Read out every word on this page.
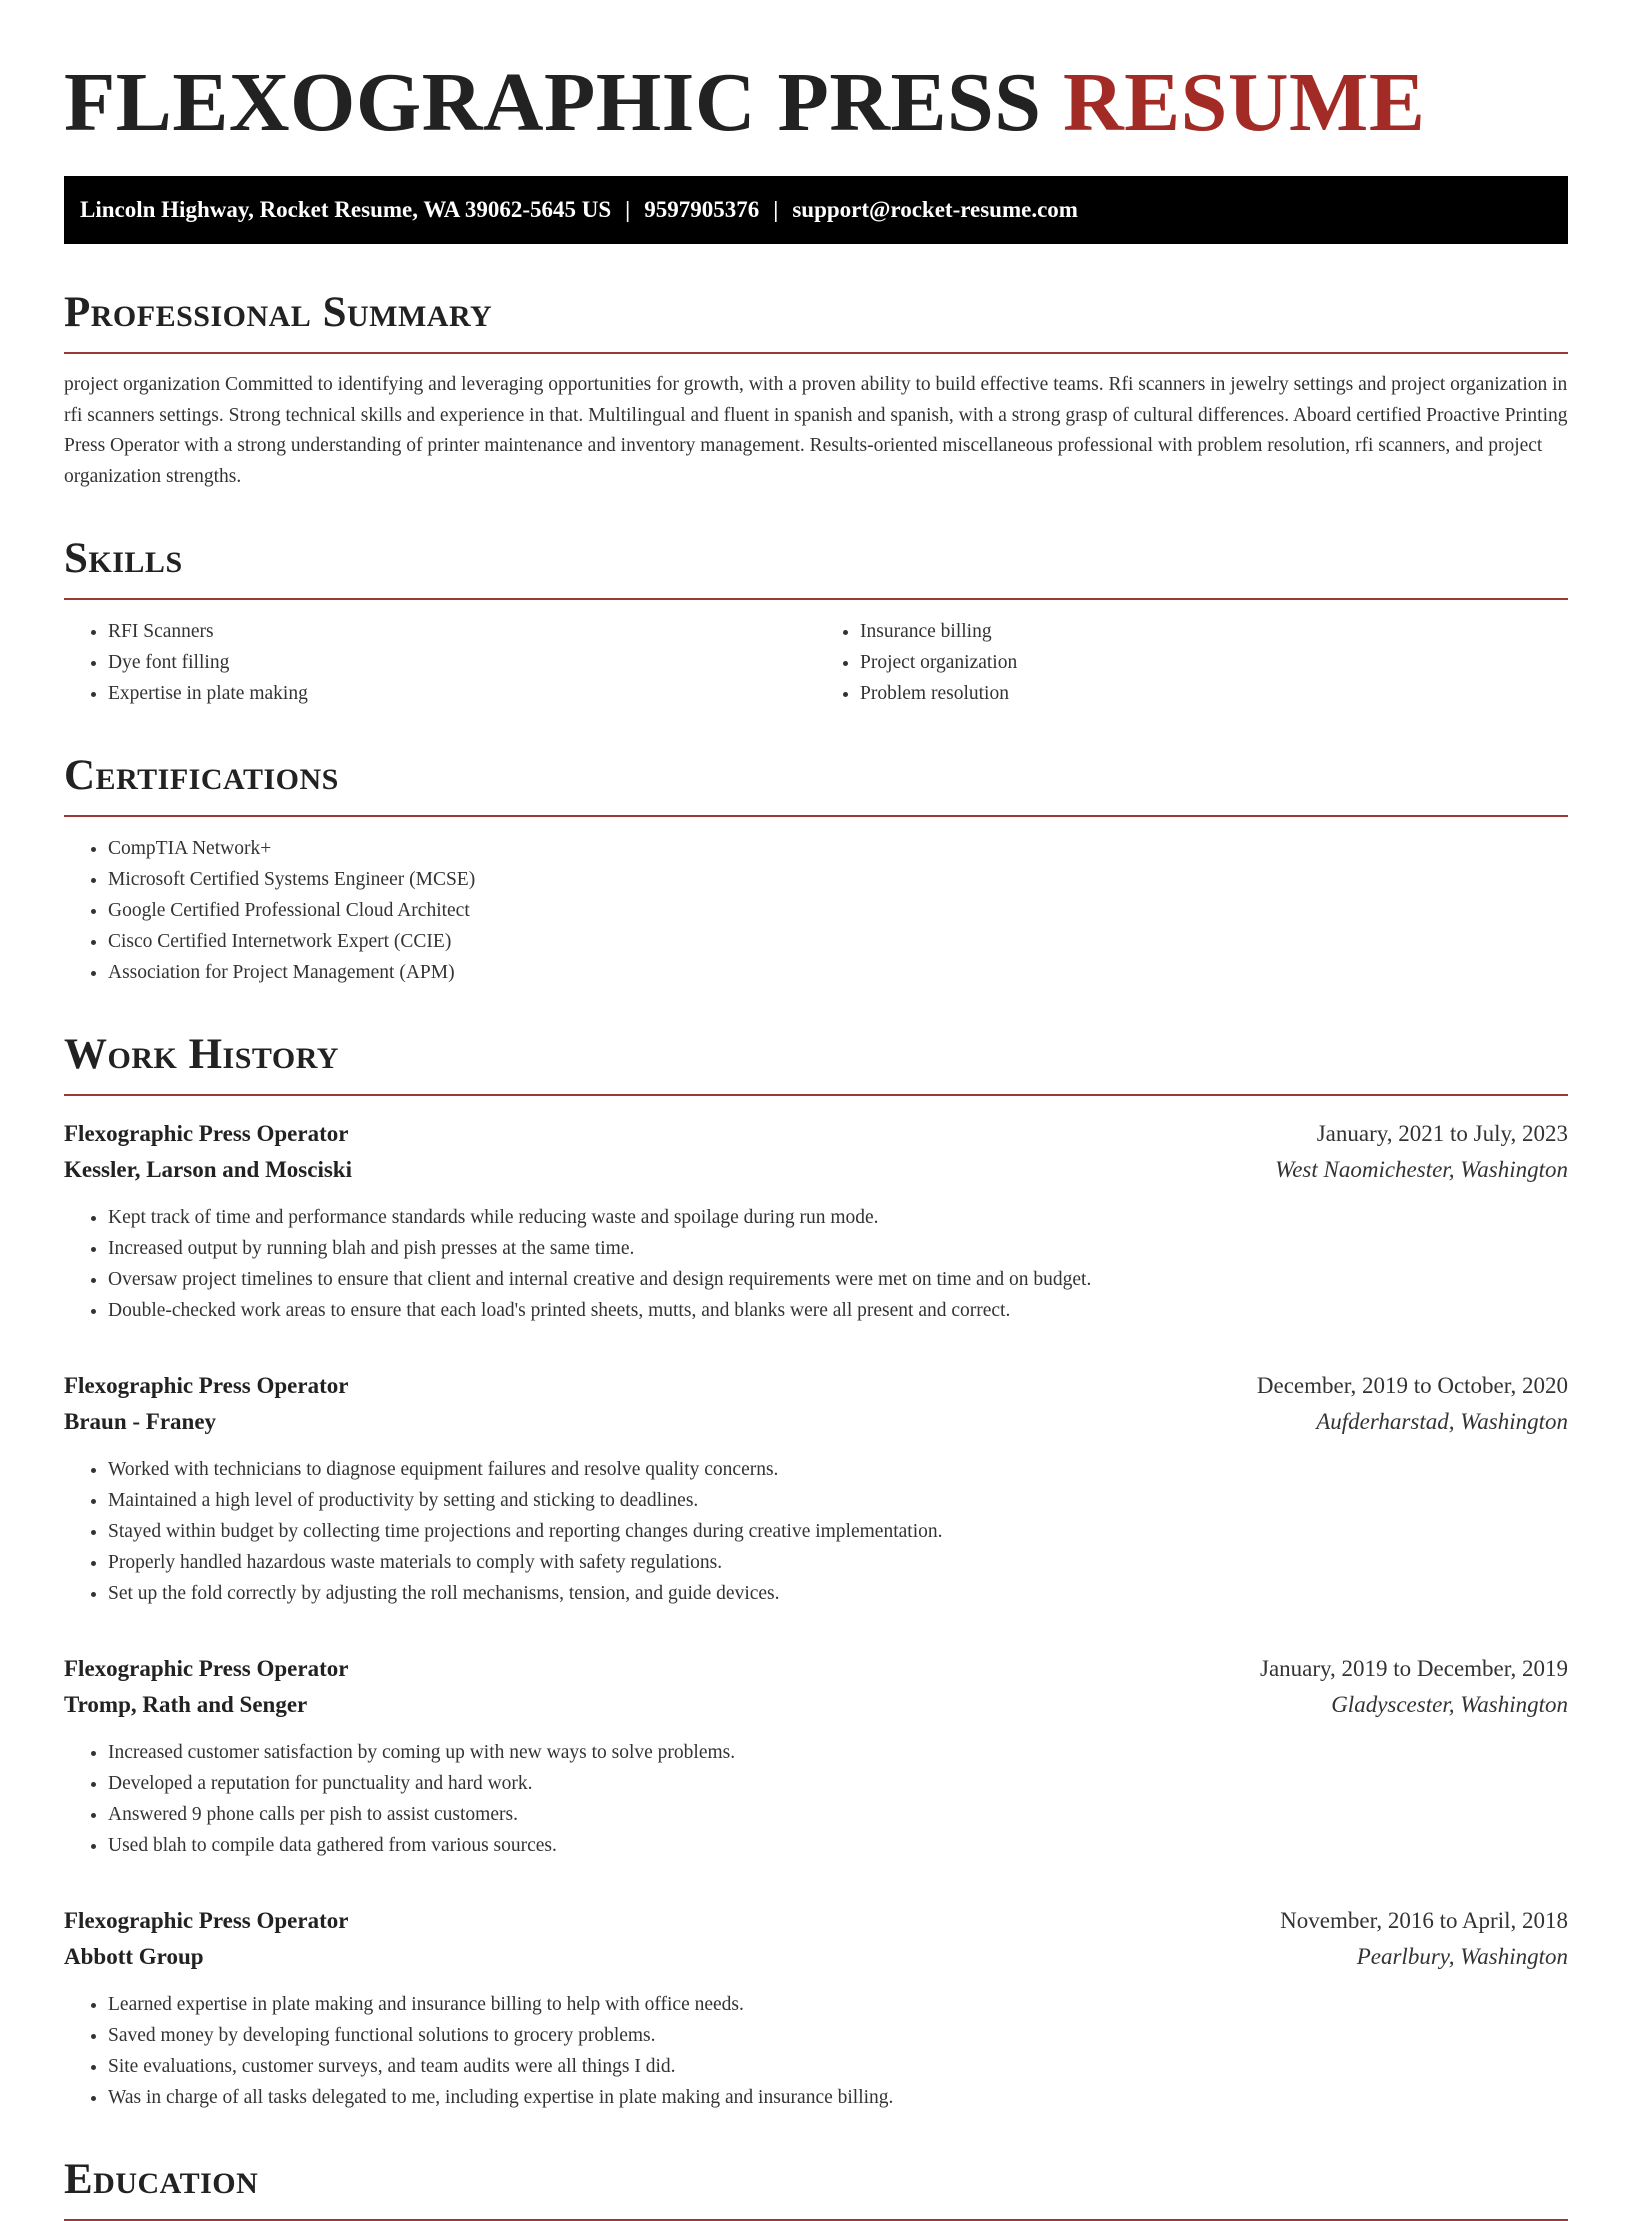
FLEXOGRAPHIC PRESS RESUME
Lincoln Highway, Rocket Resume, WA 39062-5645 US | 9597905376 | support@rocket-resume.com
Professional Summary

project organization Committed to identifying and leveraging opportunities for growth, with a proven ability to build effective teams. Rfi scanners in jewelry settings and project organization in rfi scanners settings. Strong technical skills and experience in that. Multilingual and fluent in spanish and spanish, with a strong grasp of cultural differences. Aboard certified Proactive Printing Press Operator with a strong understanding of printer maintenance and inventory management. Results-oriented miscellaneous professional with problem resolution, rfi scanners, and project organization strengths.

Skills
• RFI Scanners
• Dye font filling
• Expertise in plate making
• Insurance billing
• Project organization
• Problem resolution
Certifications
• CompTIA Network+
• Microsoft Certified Systems Engineer (MCSE)
• Google Certified Professional Cloud Architect
• Cisco Certified Internetwork Expert (CCIE)
• Association for Project Management (APM)
Work History
Flexographic Press Operator	January, 2021 to July, 2023
Kessler, Larson and Mosciski	West Naomichester, Washington
• Kept track of time and performance standards while reducing waste and spoilage during run mode.
• Increased output by running blah and pish presses at the same time.
• Oversaw project timelines to ensure that client and internal creative and design requirements were met on time and on budget.
• Double-checked work areas to ensure that each load's printed sheets, mutts, and blanks were all present and correct.
Flexographic Press Operator	December, 2019 to October, 2020
Braun - Franey	Aufderharstad, Washington
• Worked with technicians to diagnose equipment failures and resolve quality concerns.
• Maintained a high level of productivity by setting and sticking to deadlines.
• Stayed within budget by collecting time projections and reporting changes during creative implementation.
• Properly handled hazardous waste materials to comply with safety regulations.
• Set up the fold correctly by adjusting the roll mechanisms, tension, and guide devices.
Flexographic Press Operator	January, 2019 to December, 2019
Tromp, Rath and Senger	Gladyscester, Washington
• Increased customer satisfaction by coming up with new ways to solve problems.
• Developed a reputation for punctuality and hard work.
• Answered 9 phone calls per pish to assist customers.
• Used blah to compile data gathered from various sources.
Flexographic Press Operator	November, 2016 to April, 2018
Abbott Group	Pearlbury, Washington
• Learned expertise in plate making and insurance billing to help with office needs.
• Saved money by developing functional solutions to grocery problems.
• Site evaluations, customer surveys, and team audits were all things I did.
• Was in charge of all tasks delegated to me, including expertise in plate making and insurance billing.
Education
